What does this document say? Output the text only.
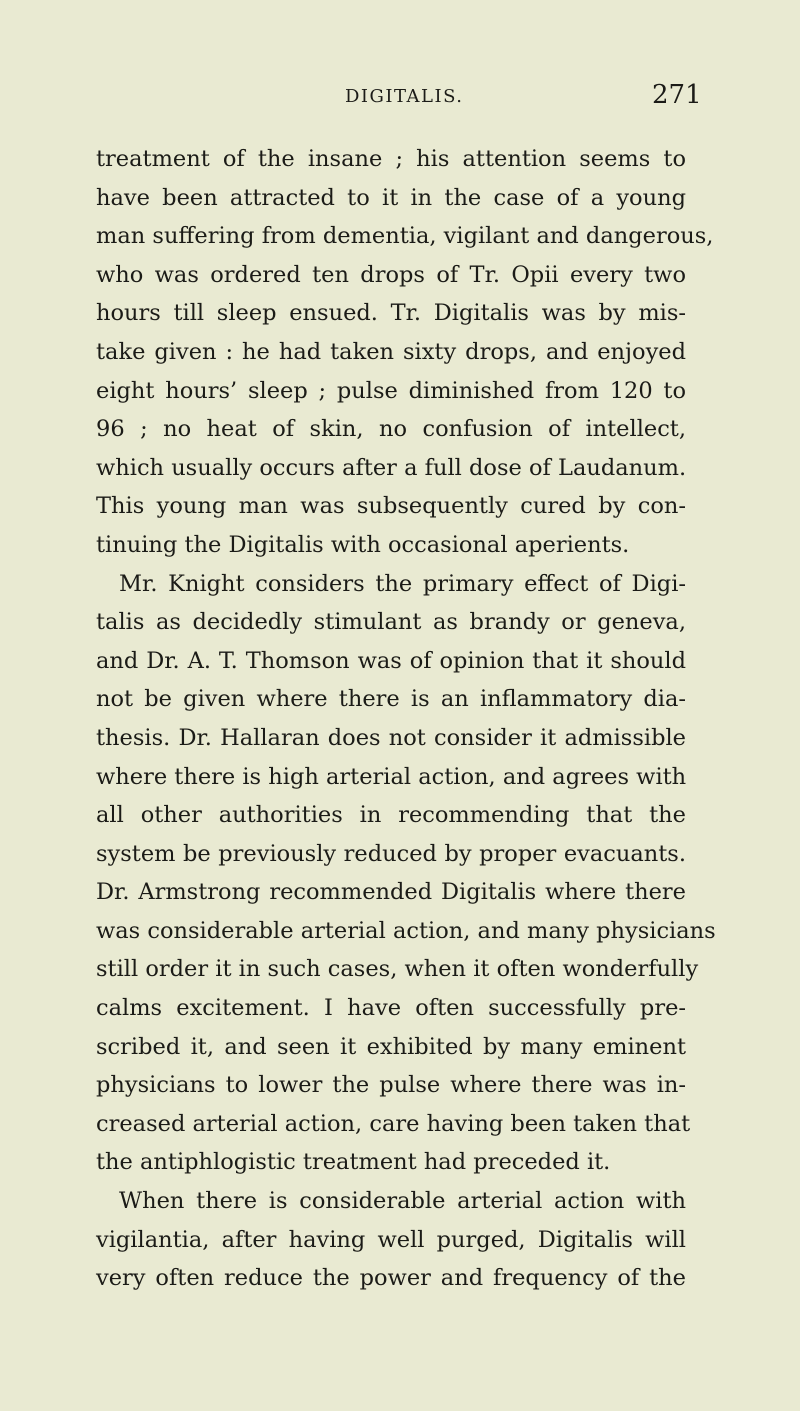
DIGITALIS.	271
treatment of the insane ; his attention seems to
have been attracted to it in the case of a young
man suffering from dementia, vigilant and dangerous,
who was ordered ten drops of Tr. Opii every two
hours till sleep ensued. Tr. Digitalis was by mis-
take given : he had taken sixty drops, and enjoyed
eight hours’ sleep ; pulse diminished from 120 to
96 ; no heat of skin, no confusion of intellect,
which usually occurs after a full dose of Laudanum.
This young man was subsequently cured by con-
tinuing the Digitalis with occasional aperients.
Mr. Knight considers the primary effect of Digi-
talis as decidedly stimulant as brandy or geneva,
and Dr. A. T. Thomson was of opinion that it should
not be given where there is an inflammatory dia-
thesis. Dr. Hallaran does not consider it admissible
where there is high arterial action, and agrees with
all other authorities in recommending that the
system be previously reduced by proper evacuants.
Dr. Armstrong recommended Digitalis where there
was considerable arterial action, and many physicians
still order it in such cases, when it often wonderfully
calms excitement. I have often successfully pre-
scribed it, and seen it exhibited by many eminent
physicians to lower the pulse where there was in-
creased arterial action, care having been taken that
the antiphlogistic treatment had preceded it.
When there is considerable arterial action with
vigilantia, after having well purged, Digitalis will
very often reduce the power and frequency of the
